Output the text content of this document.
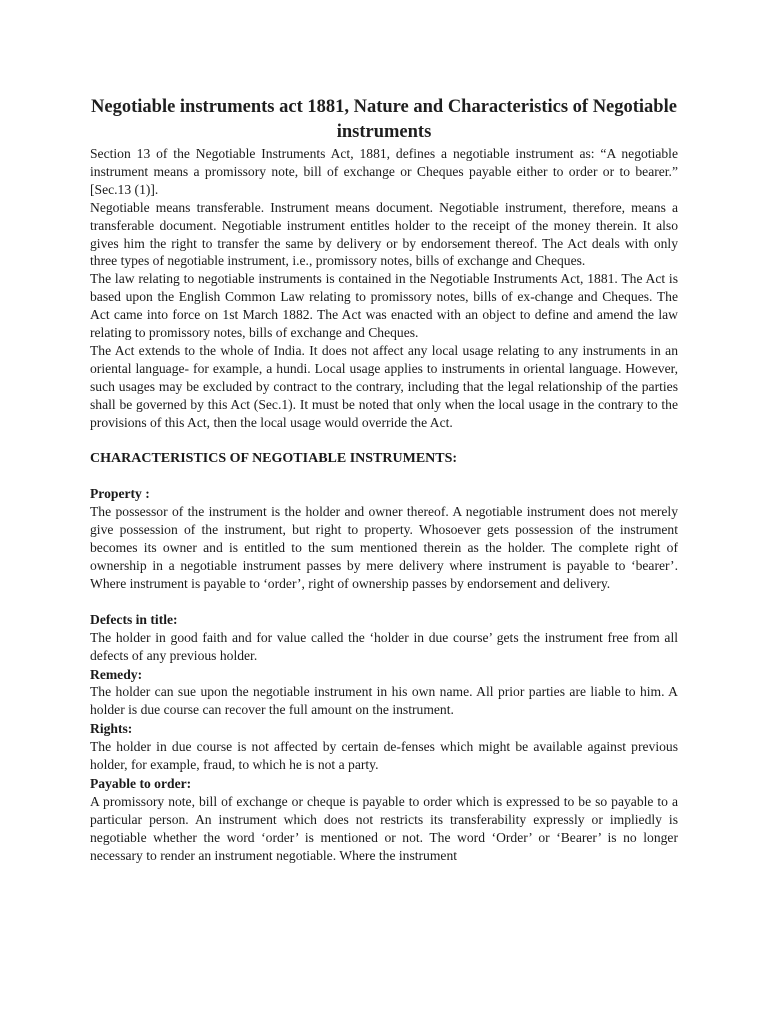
Negotiable instruments act 1881, Nature and Characteristics of Negotiable instruments

Section 13 of the Negotiable Instruments Act, 1881, defines a negotiable instrument as: “A negotiable instrument means a promissory note, bill of exchange or Cheques payable either to order or to bearer.” [Sec.13 (1)].

Negotiable means transferable. Instrument means document. Negotiable instrument, therefore, means a transferable document. Negotiable instrument entitles holder to the receipt of the money therein. It also gives him the right to transfer the same by delivery or by endorsement thereof. The Act deals with only three types of negotiable instrument, i.e., promissory notes, bills of exchange and Cheques.

The law relating to negotiable instruments is contained in the Negotiable Instruments Act, 1881. The Act is based upon the English Common Law relating to promissory notes, bills of ex-change and Cheques. The Act came into force on 1st March 1882. The Act was enacted with an object to define and amend the law relating to promissory notes, bills of exchange and Cheques.

The Act extends to the whole of India. It does not affect any local usage relating to any instruments in an oriental language- for example, a hundi. Local usage applies to instruments in oriental language. However, such usages may be excluded by contract to the contrary, including that the legal relationship of the parties shall be governed by this Act (Sec.1). It must be noted that only when the local usage in the contrary to the provisions of this Act, then the local usage would override the Act.

CHARACTERISTICS OF NEGOTIABLE INSTRUMENTS:
Property :

The possessor of the instrument is the holder and owner thereof. A negotiable instrument does not merely give possession of the instrument, but right to property. Whosoever gets possession of the instrument becomes its owner and is entitled to the sum mentioned therein as the holder. The complete right of ownership in a negotiable instrument passes by mere delivery where instrument is payable to ‘bearer’. Where instrument is payable to ‘order’, right of ownership passes by endorsement and delivery.

Defects in title:

The holder in good faith and for value called the ‘holder in due course’ gets the instrument free from all defects of any previous holder.

Remedy:

The holder can sue upon the negotiable instrument in his own name. All prior parties are liable to him. A holder is due course can recover the full amount on the instrument.

Rights:

The holder in due course is not affected by certain de-fenses which might be available against previous holder, for example, fraud, to which he is not a party.

Payable to order:

A promissory note, bill of exchange or cheque is payable to order which is expressed to be so payable to a particular person. An instrument which does not restricts its transferability expressly or impliedly is negotiable whether the word ‘order’ is mentioned or not. The word ‘Order’ or ‘Bearer’ is no longer necessary to render an instrument negotiable. Where the instrument
